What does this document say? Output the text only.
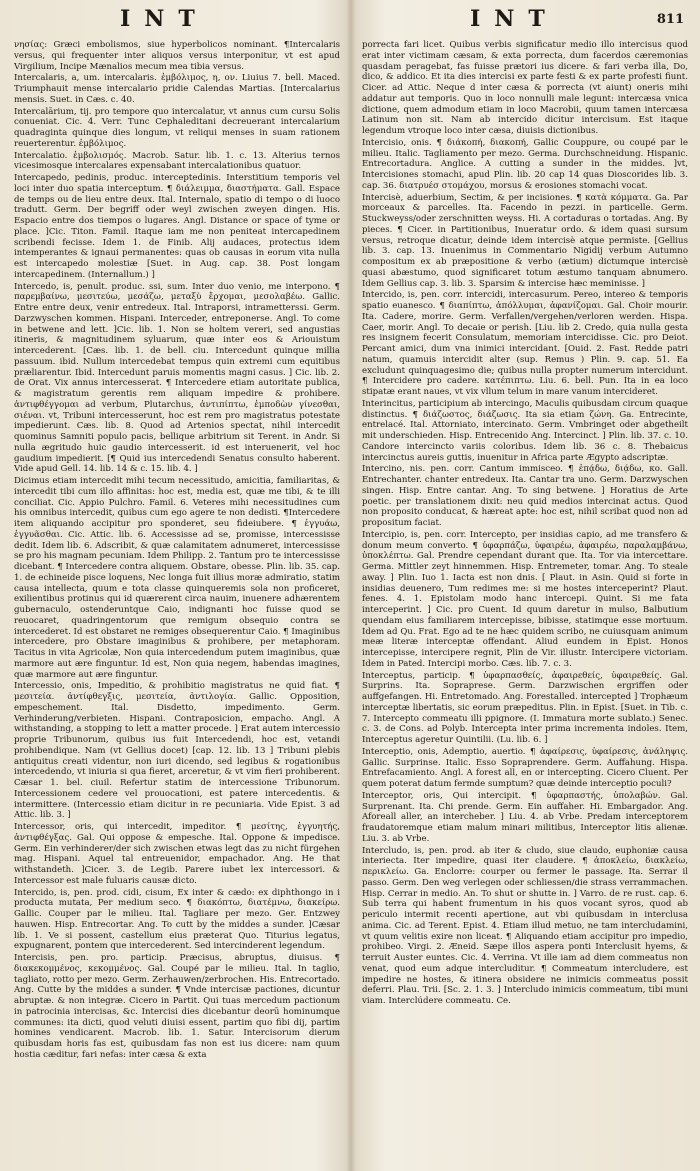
INT	INT	811

νησίας: Græci embolismos, siue hyperbolicos nominant. ¶Intercalaris versus, qui frequenter inter aliquos versus interponitur, vt est apud Virgilium, Incipe Mænalios mecum mea tibia versus.

Intercalaris, a, um. intercalaris. ἐμβόλιμος, η, ον. Liuius 7. bell. Maced. Triumphauit mense intercalario pridie Calendas Martias. [Intercalarius mensis. Suet. in Cæs. c. 40.

Intercalārium, tij. pro tempore quo intercalatur, vt annus cum cursu Solis conueniat. Cic. 4. Verr. Tunc Cephaleditani decreuerant intercalarium quadraginta quinque dies longum, vt reliqui menses in suam rationem reuerterentur. ἐμβόλιμος.

Intercalatio. ἐμβολισμός. Macrob. Satur. lib. 1. c. 13. Alterius ternos vicesimosque intercalares expensabant intercalationibus quatuor.

Intercapedo, pedinis, produc. interceptedinis. Interstitium temporis vel loci inter duo spatia interceptum. ¶ διάλειμμα, διαστήματα. Gall. Espace de temps ou de lieu entre deux. Ital. Internalo, spatio di tempo o di luoco tradutt. Germ. Der begriff oder weyl zwischen zweyen dingen. His. Espacio entre dos tiempos o lugares. Angl. Distance or space of tyme or place. ]Cic. Titon. Famil. Itaque iam me non peniteat intercapedinem scribendi fecisse. Idem 1. de Finib. Alij audaces, protectus idem intemperantes & ignaui permanentes: quas ob causas in eorum vita nulla est intercapedo molestiæ [Suet. in Aug. cap. 38. Post longam intercapedinem. (Internallum.) ]

Intercedo, is, penult. produc. ssi, sum. Inter duo venio, me interpono. ¶ παρεμβαίνω, μεσιτεύω, μεσάζω, μεταξὺ ἔρχομαι, μεσολαβέω. Gallic. Entre entre deux, venir entredeux. Ital. Intraporsi, intrametterssi. Germ. Darzwyschen kommen. Hispani. Interceder, entreponerse. Angl. To come in betwene and lett. ]Cic. lib. 1. Non se holtem vereri, sed angustias itineris, & magnitudinem syluarum, quæ inter eos & Ariouistum intercederent. [Cæs. lib. 1. de bell. ciu. Intercedunt quinque millia passuum. ibid. Nullum intercedebat tempus quin extremi cum equitibus præliarentur. Ibid. Intercedunt paruis momentis magni casus. ] Cic. lib. 2. de Orat. Vix annus intercesserat. ¶ Intercedere etiam autoritate publica, & magistratum gerentis rem aliquam impedire & prohibere. ἀντιφθέγγομαι ad verbum, Plutarchus, ἀντιπίπτω, ἐμποδὼν γίνεσθαι, σιέναι. vt, Tribuni intercesserunt, hoc est rem pro magistratus potestate impedierunt. Cæs. lib. 8. Quod ad Artenios spectat, nihil intercedit quominus Samniti populo pacis, bellique arbitrium sit Terent. in Andr. Si nulla ægritudo huic gaudio intercesserit. id est interuenerit, vel hoc gaudium impedierit. [¶ Quid ius intercedendi Senatus consulto haberent. Vide apud Gell. 14. lib. 14 & c. 15. lib. 4. ]

Dicimus etiam intercedit mihi tecum necessitudo, amicitia, familiaritas, & intercedit tibi cum illo affinitas: hoc est, media est, quæ me tibi, & te illi conciliat. Cic. Appio Pulchro. Famil. 6. Veteres mihi necessitudines cum his omnibus intercedit, quibus cum ego agere te non dedisti. ¶Intercedere item aliquando accipitur pro sponderet, seu fideiubere. ¶ ἐγγυάω, ἐγγυᾶσθαι. Cic. Attic. lib. 6. Accessisse ad se, promisse, intercessisse dedit. Idem lib. 6. Adscribit, & quæ calamitatem adnumeret, intercessisse se pro his magnam pecuniam. Idem Philipp. 2. Tantum pro te intercessisse dicebant. ¶ Intercedere contra aliquem. Obstare, obesse. Plin. lib. 35. cap. 1. de echineide pisce loquens, Nec longa fuit illius moræ admiratio, statim causa intellecta, quum e tota classe quinqueremis sola non proficeret, exilientibus protinus qui id quærerent circa nauim, inuenere adhærentem gubernaculo, ostenderuntque Caio, indignanti hoc fuisse quod se reuocaret, quadringentorum que remigum obsequio contra se intercederet. Id est obstaret ne remiges obsequerentur Caio. ¶ Imaginibus intercedere, pro Obstare imaginibus & prohibere, per metaphoram. Tacitus in vita Agricolæ, Non quia intercedendum putem imaginibus, quæ marmore aut ære finguntur. Id est, Non quia negem, habendas imagines, quæ marmore aut ære finguntur.

Intercessio, onis, Impeditio, & prohibitio magistratus ne quid fiat. ¶ μεσιτεία. ἀντίφθεγξις, μεσιτεία, ἀντιλογία. Gallic. Opposition, empeschement. Ital. Disdetto, impedimento. Germ. Verhinderung/verbieten. Hispani. Contraposicion, empacho. Angl. A withstanding, a stopping to lett a matter procede. ] Erat autem intercessio proprie Tribunorum, quibus ius fuit Intercedendi, hoc est, vetandi prohibendique. Nam (vt Gellius docet) [cap. 12. lib. 13 ] Tribuni plebis antiquitus creati videntur, non iuri dicendo, sed legibus & rogationibus intercedendo, vt iniuria si qua fieret, arceretur, & vt vim fieri prohiberent. Cæsar 1. bel. ciuil. Refertur statim de intercessione Tribunorum. Intercessionem cedere vel prouocationi, est patere intercedentis. & intermittere. (Intercessio etiam dicitur in re pecuniaria. Vide Epist. 3 ad Attic. lib. 3. ]

Intercessor, oris, qui intercedit, impeditor. ¶ μεσίτης, ἐγγυητής, ἀντιφθέγξας. Gal. Qui oppose & empesche. Ital. Oppone & impedisce. Germ. Ein verhinderer/der sich zwischen etwas legt das zu nicht fürgehen mag. Hispani. Aquel tal entreuenidor, empachador. Ang. He that withstandeth. ]Cicer. 3. de Legib. Parere iubet lex intercessori. & Intercessor est male fuluaris causæ dicto.

Intercido, is, pen. prod. cidi, cisum, Ex inter & cædo: ex diphthongo in i producta mutata, Per medium seco. ¶ διακόπτω, διατέμνω, διακείρω. Gallic. Couper par le milieu. Ital. Tagliare per mezo. Ger. Entzwey hauwen. Hisp. Entrecortar. Ang. To cutt by the middes a sunder. ]Cæsar lib. 1. Ve si possent, castellum eius præterat Quo. Titurius legatus, expugnarent, pontem que intercederent. Sed intercinderent legendum.

Intercisis, pen. pro. particip. Præcisus, abruptus, diuisus. ¶ διακεκομμένος, κεκομμένος. Gal. Coupé par le milieu. Ital. In taglio, tagliato, rotto per mezo. Germ. Zerhauwen/zerbrochen. His. Entrecortado. Ang. Cutte by the middes a sunder. ¶ Vnde intercisæ pactiones, dicuntur abruptæ. & non integræ. Cicero in Partit. Qui tuas mercedum pactionum in patrocinia intercisas, &c. Intercisi dies dicebantur deorū hominumque communes: ita dicti, quod veluti diuisi essent, partim quo fibi dij, partim homines vendicarent. Macrob. lib. 1. Satur. Intercisorum dierum quibusdam horis fas est, quibusdam fas non est ius dicere: nam quum hostia cæditur, fari nefas: inter cæsa & exta

porrecta fari licet. Quibus verbis significatur medio illo intercisus quod erat inter victimam cæsam, & exta porrecta, dum facerdos cæremonias quasdam peragebat, fas fuisse prætori ius dicere. & fari verba illa, Do, dico, & addico. Et ita dies intercisi ex parte festi & ex parte profesti fiunt. Cicer. ad Attic. Neque d inter cæsa & porrecta (vt aiunt) oneris mihi addatur aut temporis. Quo in loco nonnulli male legunt: intercæsa vnica dictione, quem admodum etiam in loco Macrobii, quum tamen intercæsa Latinum non sit. Nam ab intercido dicitur intercisum. Est itaque legendum vtroque loco inter cæsa, diuisis dictionibus.

Intercisio, onis. ¶ διάκοπή, διακοπή, Gallic Couppure, ou coupé par le milieu. Italic. Tagliamento per mezo. Germa. Durchschneidung. Hispanic. Entrecortadura. Anglice. A cutting a sunder in the middes. ]vt, Intercisiones stomachi, apud Plin. lib. 20 cap 14 quas Dioscorides lib. 3. cap. 36. διατρυέσ στομάχου, morsus & erosiones stomachi vocat.

Intercisè, aduerbium, Sectim, & per incisiones. ¶ κατὰ κόμματα. Ga. Par morceaux & parcelles. Ita. Facendo in pezzi. in particelle. Germ. Stuckweyss/oder zerschnitten weyss. Hi. A cortaduras o tortadas. Ang. By pieces. ¶ Cicer. in Partitionibus, Inueratur ordo. & idem quasi sursum versus, retroque dicatur, deinde idem intercisè atque permiste. [Gellius lib. 3. cap. 13. Inuenimus in Commentario Nigidij verbum Autumno compositum ex ab præpositione & verbo (ætium) dictumque intercisè quasi abæstumo, quod significaret totum æstumo tanquam abnumero. Idem Gellius cap. 3. lib. 3. Sparsim & intercise hæc meminisse. ]

Intercido, is, pen. corr. intercidi, intercasurum. Pereo, intereo & temporis spatio euanesco. ¶ διαπίπτω, ἀπόλλυμαι, ἀφανίζομαι. Gal. Choir mourir. Ita. Cadere, morire. Germ. Verfallen/vergehen/verloren werden. Hispa. Caer, morir. Angl. To decaie or perish. [Liu. lib 2. Credo, quia nulla gesta res insignem fecerit Consulatum, memoriam intercidisse. Cic. pro Deiot. Percant amici, dum vna inimici intercidant. [Ouid. 2. Fast. Redde patri natum, quamuis intercidit alter (sup. Remus ) Plin. 9. cap. 51. Ea excludunt quinquagesimo die; quibus nulla propter numerum intercidunt. ¶ Intercidere pro cadere. κατέπιπτω. Liu. 6. bell. Pun. Ita in ea loco stipatæ erant naues, vt vix vllum telum in mare vanum intercideret.

Interincitus, participium ab intercingo, Maculis quibusdam circum quaque distinctus. ¶ διάζωστος, διάζωσις. Ita sia etiam ζώνη. Ga. Entrecinte, entrelacé. Ital. Attorniato, intercinato. Germ. Vmbringet oder abgetheilt mit underschieden. Hisp. Entrecenido Ang. Intercinct. ] Plin. lib. 37. c. 10. Candore intercincto variis coloribus. Idem lib. 36 c. 8. Thebaicus intercinctus aureis guttis, inuenitur in Africa parte Ægypto adscriptæ.

Intercino, nis. pen. corr. Cantum immisceo. ¶ ἐπᾴδω, διᾴδω, κο. Gall. Entrechanter. chanter entredeux. Ita. Cantar tra uno. Germ. Darzwyschen singen. Hisp. Entre cantar. Ang. To sing betwene. ] Horatius de Arte poetic. per translationem dixit: neu quid medios intercinat actus. Quod non proposito conducat, & hæreat apte: hoc est, nihil scribat quod non ad propositum faciat.

Intercipio, is, pen. corr. Intercepto, per insidias capio, ad me transfero & donum meum converto. ¶ ὑφαρπάζω, ὑφαιρέω, ἀφαιρέω, παραλαμβάνω, ὑποκλέπτω. Gal. Prendre cependant durant que. Ita. Tor via intercettare. Germa. Mittler zeyt hinnemmen. Hisp. Entremeter, tomar. Ang. To steale away. ] Plin. Iuo 1. Iacta est non dnis. [ Plaut. in Asin. Quid si forte in insidias deuenero, Tum redimes me: si me hostes interceperint? Plaut. fenes. 4. 1. Epistolam modo hanc intercepi. Quint. Si me fata interceperint. ] Cic. pro Cuent. Id quum daretur in mulso, Balbutium quendam eius familiarem intercepisse, bibisse, statimque esse mortuum. Idem ad Qu. Frat. Ego ad te ne hæc quidem scribo, ne cuiusquam animum meæ literæ interceptæ offendant. Aliud eundem in Epist. Honos intercepisse, intercipere regnit, Plin de Vir. illustr. Intercipere victoriam. Idem in Pated. Intercipi morbo. Cæs. lib. 7. c. 3.

Interceptus, particip. ¶ ὑφαρπασθείς, ἀφαιρεθείς, ὑφαιρεθείς. Gal. Surprins. Ita. Sopraprese. Germ. Darzwischen ergriffen oder auffgefangen. Hi. Entretomado. Ang. Forestalled. intercepted ] Trophæum interceptæ libertatis, sic eorum præpeditus. Plin. in Epist. [Suet. in Tib. c. 7. Intercepto commeatu illi ppignore. (I. Immatura morte sublato.) Senec. c. 3. de Cons. ad Polyb. Intercepta inter prima incrementa indoles. Item, Interceptus ageretur Quintilii. (Lu. lib. 6. ]

Interceptio, onis, Ademptio, auertio. ¶ ἀφαίρεσις, ὑφαίρεσις, ἀνάληψις. Gallic. Surprinse. Italic. Esso Sopraprendere. Germ. Auffahung. Hispa. Entrefacamiento. Angl. A forest all, en or intercepting. Cicero Cluent. Per quem poterat datum fermde sumptum? quæ deinde interceptio poculi?

Interceptor, oris, Qui intercipit. ¶ ὑφαρπαστής, ὑπολαβών. Gal. Surprenant. Ita. Chi prende. Germ. Ein auffaher. Hi. Embargador. Ang. Aforeall aller, an intercheber. ] Liu. 4. ab Vrbe. Predam interceptorem fraudatoremque etiam malum minari militibus, Interceptor litis alienæ. Liu. 3. ab Vrbe.

Intercludo, is, pen. prod. ab iter & cludo, siue claudo, euphoniæ causa interiecta. Iter impedire, quasi iter claudere. ¶ ἀποκλείω, διακλείω, περικλείω. Ga. Enclorre: courper ou fermer le passage. Ita. Serrar il passo. Germ. Den weg verlegen oder schliessen/die strass verrammachen. Hisp. Cerrar in medio. An. To shut or shutte in. ] Varro. de re rust. cap. 6. Sub terra qui habent frumentum in his quos vocant syros, quod ab periculo intermit recenti apertione, aut vbi quibusdam in interclusa anima. Cic. ad Terent. Epist. 4. Etiam illud metuo, ne tam intercludamini, vt quum velitis exire non liceat. ¶ Aliquando etiam accipitur pro impedio, prohibeo. Virgi. 2. Æneid. Sæpe illos aspera ponti Interclusit hyems, & terruit Auster euntes. Cic. 4. Verrina. Vt ille iam ad diem commeatus non venat, quod eum adque intercluditur. ¶ Commeatum intercludere, est impedire ne hostes, & itinera obsidere ne inimicis commeatus possit deferri. Plau. Trii. [Sc. 2. 1. 3. ] Intercludo inimicis commeatum, tibi muni viam. Interclúdere commeatu. Ce.
